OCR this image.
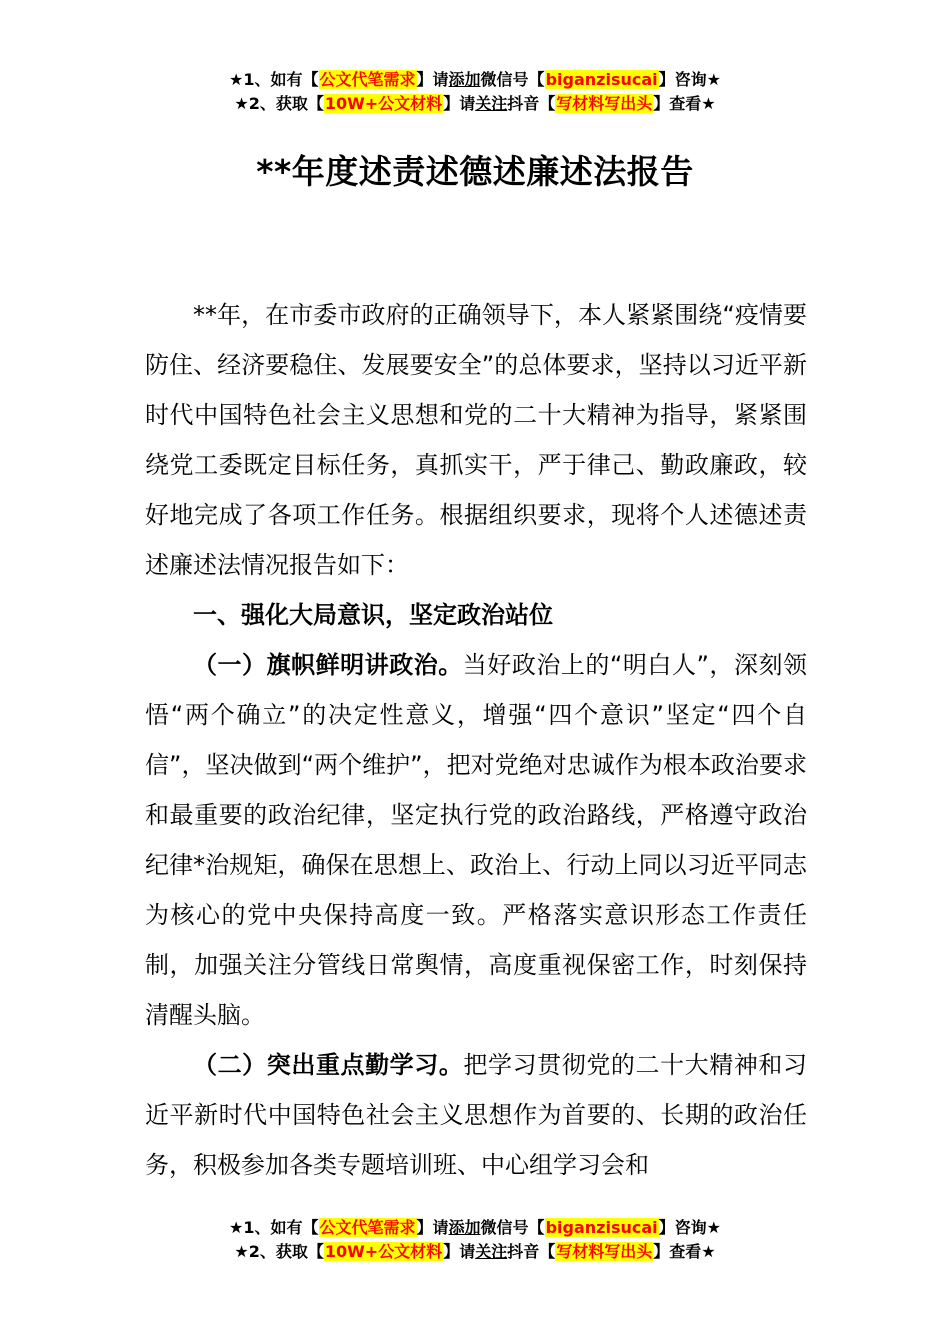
★1、如有【公文代笔需求】请添加微信号【biganzisucai】咨询★
★2、获取【10W+公文材料】请关注抖音【写材料写出头】查看★
**年度述责述德述廉述法报告

**年，在市委市政府的正确领导下，本人紧紧围绕“疫情要防住、经济要稳住、发展要安全”的总体要求，坚持以习近平新时代中国特色社会主义思想和党的二十大精神为指导，紧紧围绕党工委既定目标任务，真抓实干，严于律己、勤政廉政，较好地完成了各项工作任务。根据组织要求，现将个人述德述责述廉述法情况报告如下：

一、强化大局意识，坚定政治站位

（一）旗帜鲜明讲政治。当好政治上的“明白人”，深刻领悟“两个确立”的决定性意义，增强“四个意识”坚定“四个自信”，坚决做到“两个维护”，把对党绝对忠诚作为根本政治要求和最重要的政治纪律，坚定执行党的政治路线，严格遵守政治纪律*治规矩，确保在思想上、政治上、行动上同以习近平同志为核心的党中央保持高度一致。严格落实意识形态工作责任制，加强关注分管线日常舆情，高度重视保密工作，时刻保持清醒头脑。

（二）突出重点勤学习。把学习贯彻党的二十大精神和习近平新时代中国特色社会主义思想作为首要的、长期的政治任务，积极参加各类专题培训班、中心组学习会和

★1、如有【公文代笔需求】请添加微信号【biganzisucai】咨询★
★2、获取【10W+公文材料】请关注抖音【写材料写出头】查看★
